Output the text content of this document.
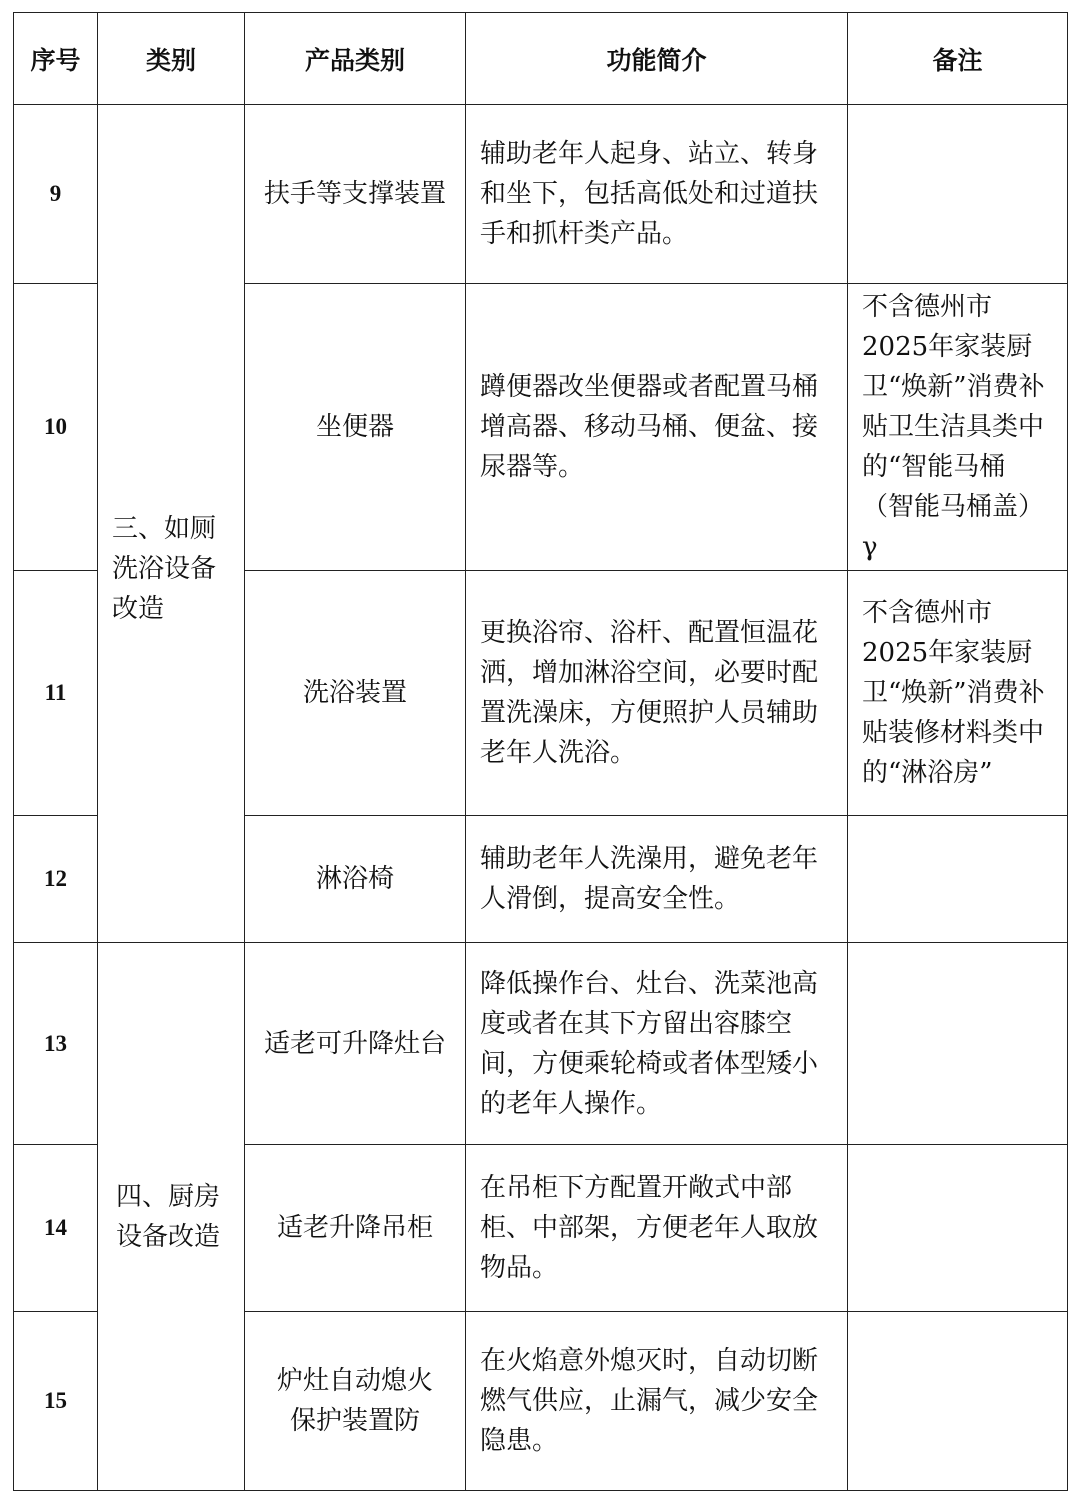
序号	类别	产品类别	功能简介	备注
9	三、如厕洗浴设备改造	扶手等支撑装置	辅助老年人起身、站立、转身和坐下，包括高低处和过道扶手和抓杆类产品。	
10		坐便器	蹲便器改坐便器或者配置马桶增高器、移动马桶、便盆、接尿器等。	不含德州市2025年家装厨卫“焕新”消费补贴卫生洁具类中的“智能马桶（智能马桶盖）γ
11		洗浴装置	更换浴帘、浴杆、配置恒温花洒，增加淋浴空间，必要时配置洗澡床，方便照护人员辅助老年人洗浴。	不含德州市2025年家装厨卫“焕新”消费补贴装修材料类中的“淋浴房”
12		淋浴椅	辅助老年人洗澡用，避免老年人滑倒，提高安全性。	
13	四、厨房设备改造	适老可升降灶台	降低操作台、灶台、洗菜池高度或者在其下方留出容膝空间，方便乘轮椅或者体型矮小的老年人操作。	
14		适老升降吊柜	在吊柜下方配置开敞式中部柜、中部架，方便老年人取放物品。	
15		炉灶自动熄火保护装置防	在火焰意外熄灭时，自动切断燃气供应，止漏气，减少安全隐患。	
